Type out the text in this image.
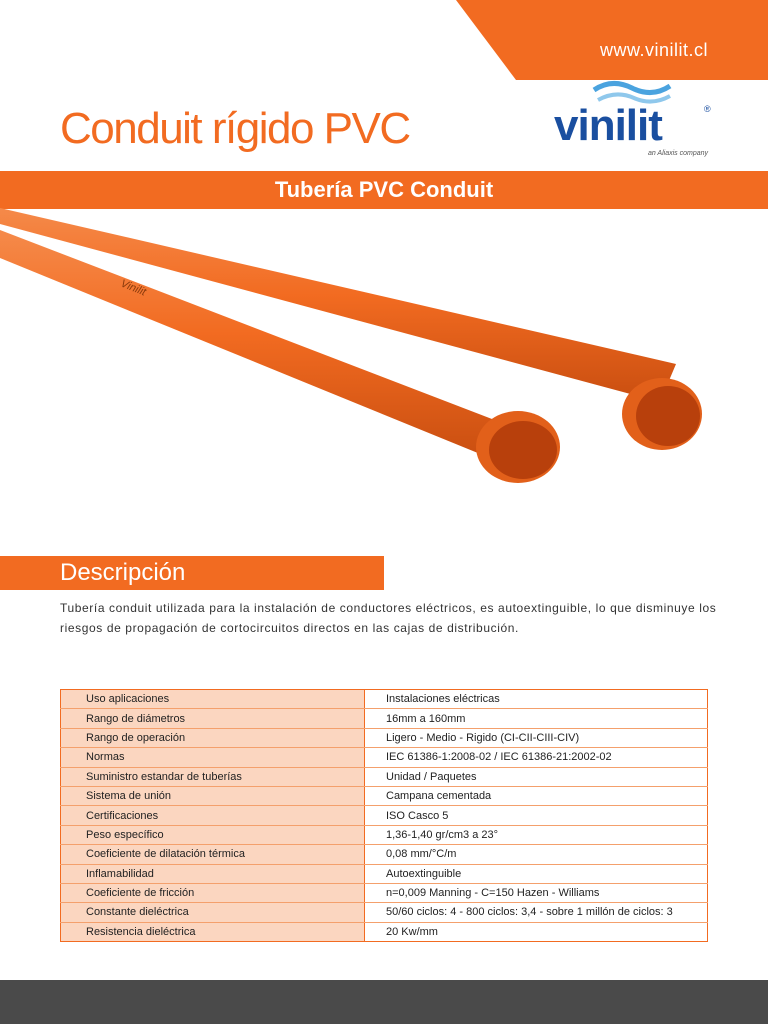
www.vinilit.cl
Conduit rígido PVC	vinilit	®
an Aliaxis company
Tubería PVC Conduit
Vinilit
Descripción

Tubería conduit utilizada para la instalación de conductores eléctricos, es autoextinguible, lo que disminuye los riesgos de propagación de cortocircuitos directos en las cajas de distribución.

Uso aplicaciones	Instalaciones eléctricas
Rango de diámetros	16mm a 160mm
Rango de operación	Ligero - Medio - Rigido (CI-CII-CIII-CIV)
Normas	IEC 61386-1:2008-02 / IEC 61386-21:2002-02
Suministro estandar de tuberías	Unidad / Paquetes
Sistema de unión	Campana cementada
Certificaciones	ISO Casco 5
Peso específico	1,36-1,40 gr/cm3 a 23°
Coeficiente de dilatación térmica	0,08 mm/°C/m
Inflamabilidad	Autoextinguible
Coeficiente de fricción	n=0,009 Manning - C=150 Hazen - Williams
Constante dieléctrica	50/60 ciclos: 4 - 800 ciclos: 3,4 - sobre 1 millón de ciclos: 3
Resistencia dieléctrica	20 Kw/mm
